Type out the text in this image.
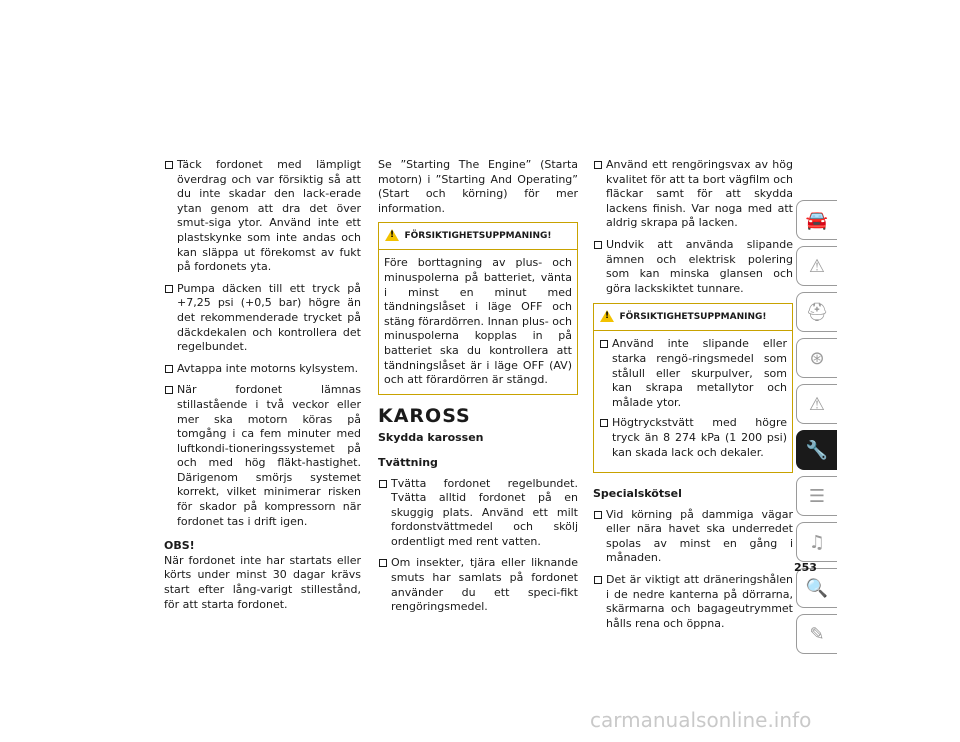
Täck fordonet med lämpligt överdrag och var försiktig så att du inte skadar den lack-erade ytan genom att dra det över smut-siga ytor. Använd inte ett plastskynke som inte andas och kan släppa ut förekomst av fukt på fordonets yta.
Pumpa däcken till ett tryck på +7,25 psi (+0,5 bar) högre än det rekommenderade trycket på däckdekalen och kontrollera det regelbundet.
Avtappa inte motorns kylsystem.
När fordonet lämnas stillastående i två veckor eller mer ska motorn köras på tomgång i ca fem minuter med luftkondi-tioneringssystemet på och med hög fläkt-hastighet. Därigenom smörjs systemet korrekt, vilket minimerar risken för skador på kompressorn när fordonet tas i drift igen.
OBS!
När fordonet inte har startats eller körts under minst 30 dagar krävs start efter lång-varigt stillestånd, för att starta fordonet.
Se ”Starting The Engine” (Starta motorn) i ”Starting And Operating” (Start och körning) för mer information.
! FÖRSIKTIGHETSUPPMANING!
Före borttagning av plus- och minuspolerna på batteriet, vänta i minst en minut med tändningslåset i läge OFF och stäng förardörren. Innan plus- och minuspolerna kopplas in på batteriet ska du kontrollera att tändningslåset är i läge OFF (AV) och att förardörren är stängd.
KAROSS
Skydda karossen
Tvättning
Tvätta fordonet regelbundet. Tvätta alltid fordonet på en skuggig plats. Använd ett milt fordonstvättmedel och skölj ordentligt med rent vatten.
Om insekter, tjära eller liknande smuts har samlats på fordonet använder du ett speci-fikt rengöringsmedel.
Använd ett rengöringsvax av hög kvalitet för att ta bort vägfilm och fläckar samt för att skydda lackens finish. Var noga med att aldrig skrapa på lacken.
Undvik att använda slipande ämnen och elektrisk polering som kan minska glansen och göra lackskiktet tunnare.
! FÖRSIKTIGHETSUPPMANING!
Använd inte slipande eller starka rengö-ringsmedel som stålull eller skurpulver, som kan skrapa metallytor och målade ytor.
Högtryckstvätt med högre tryck än 8 274 kPa (1 200 psi) kan skada lack och dekaler.
Specialskötsel
Vid körning på dammiga vägar eller nära havet ska underredet spolas av minst en gång i månaden.
Det är viktigt att dräneringshålen i de nedre kanterna på dörrarna, skärmarna och bagageutrymmet hålls rena och öppna.
🚘
⚠
⛑
⊛
⚠
🔧
☰
♫
🔍
✎
253
carmanualsonline.info
